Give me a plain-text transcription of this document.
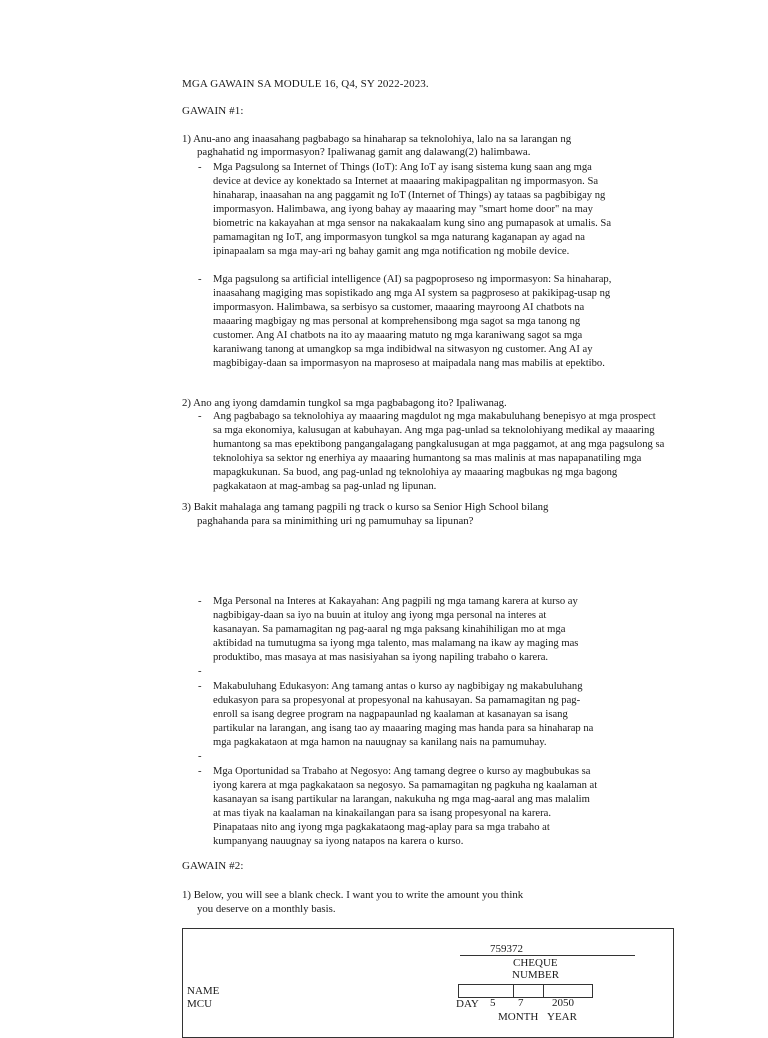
MGA GAWAIN SA MODULE 16, Q4, SY 2022-2023.
GAWAIN #1:
1) Anu-ano ang inaasahang pagbabago sa hinaharap sa teknolohiya, lalo na sa larangan ng
paghahatid ng impormasyon? Ipaliwanag gamit ang dalawang(2) halimbawa.
- Mga Pagsulong sa Internet of Things (IoT): Ang IoT ay isang sistema kung saan ang mga
device at device ay konektado sa Internet at maaaring makipagpalitan ng impormasyon. Sa
hinaharap, inaasahan na ang paggamit ng IoT (Internet of Things) ay tataas sa pagbibigay ng
impormasyon. Halimbawa, ang iyong bahay ay maaaring may "smart home door" na may
biometric na kakayahan at mga sensor na nakakaalam kung sino ang pumapasok at umalis. Sa
pamamagitan ng IoT, ang impormasyon tungkol sa mga naturang kaganapan ay agad na
ipinapaalam sa mga may-ari ng bahay gamit ang mga notification ng mobile device.
- Mga pagsulong sa artificial intelligence (AI) sa pagpoproseso ng impormasyon: Sa hinaharap,
inaasahang magiging mas sopistikado ang mga AI system sa pagproseso at pakikipag-usap ng
impormasyon. Halimbawa, sa serbisyo sa customer, maaaring mayroong AI chatbots na
maaaring magbigay ng mas personal at komprehensibong mga sagot sa mga tanong ng
customer. Ang AI chatbots na ito ay maaaring matuto ng mga karaniwang sagot sa mga
karaniwang tanong at umangkop sa mga indibidwal na sitwasyon ng customer. Ang AI ay
magbibigay-daan sa impormasyon na maproseso at maipadala nang mas mabilis at epektibo.
2) Ano ang iyong damdamin tungkol sa mga pagbabagong ito? Ipaliwanag.
- Ang pagbabago sa teknolohiya ay maaaring magdulot ng mga makabuluhang benepisyo at mga prospect
sa mga ekonomiya, kalusugan at kabuhayan. Ang mga pag-unlad sa teknolohiyang medikal ay maaaring
humantong sa mas epektibong pangangalagang pangkalusugan at mga paggamot, at ang mga pagsulong sa
teknolohiya sa sektor ng enerhiya ay maaaring humantong sa mas malinis at mas napapanatiling mga
mapagkukunan. Sa buod, ang pag-unlad ng teknolohiya ay maaaring magbukas ng mga bagong
pagkakataon at mag-ambag sa pag-unlad ng lipunan.
3) Bakit mahalaga ang tamang pagpili ng track o kurso sa Senior High School bilang
paghahanda para sa minimithing uri ng pamumuhay sa lipunan?
- Mga Personal na Interes at Kakayahan: Ang pagpili ng mga tamang karera at kurso ay
nagbibigay-daan sa iyo na buuin at ituloy ang iyong mga personal na interes at
kasanayan. Sa pamamagitan ng pag-aaral ng mga paksang kinahihiligan mo at mga
aktibidad na tumutugma sa iyong mga talento, mas malamang na ikaw ay maging mas
produktibo, mas masaya at mas nasisiyahan sa iyong napiling trabaho o karera.
-
- Makabuluhang Edukasyon: Ang tamang antas o kurso ay nagbibigay ng makabuluhang
edukasyon para sa propesyonal at propesyonal na kahusayan. Sa pamamagitan ng pag-
enroll sa isang degree program na nagpapaunlad ng kaalaman at kasanayan sa isang
partikular na larangan, ang isang tao ay maaaring maging mas handa para sa hinaharap na
mga pagkakataon at mga hamon na nauugnay sa kanilang nais na pamumuhay.
-
- Mga Oportunidad sa Trabaho at Negosyo: Ang tamang degree o kurso ay magbubukas sa
iyong karera at mga pagkakataon sa negosyo. Sa pamamagitan ng pagkuha ng kaalaman at
kasanayan sa isang partikular na larangan, nakukuha ng mga mag-aaral ang mas malalim
at mas tiyak na kaalaman na kinakailangan para sa isang propesyonal na karera.
Pinapataas nito ang iyong mga pagkakataong mag-aplay para sa mga trabaho at
kumpanyang nauugnay sa iyong natapos na karera o kurso.
GAWAIN #2:
1) Below, you will see a blank check. I want you to write the amount you think
you deserve on a monthly basis.
759372
CHEQUE
NUMBER
NAME
MCU	DAY 5 7	2050
MONTH YEAR
